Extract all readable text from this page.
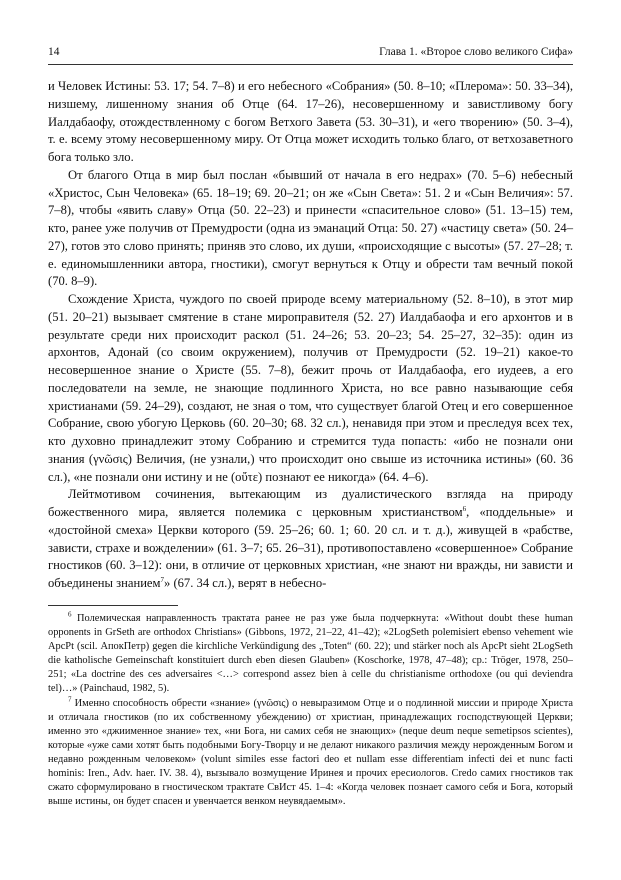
14	Глава 1. «Второе слово великого Сифа»

и Человек Истины: 53. 17; 54. 7–8) и его небесного «Собрания» (50. 8–10; «Плерома»: 50. 33–34), низшему, лишенному знания об Отце (64. 17–26), несовершенному и завистливому богу Иалдабаофу, отождествленному с богом Ветхого Завета (53. 30–31), и «его творению» (50. 3–4), т. е. всему этому несовершенному миру. От Отца может исходить только благо, от ветхозаветного бога только зло.

От благого Отца в мир был послан «бывший от начала в его недрах» (70. 5–6) небесный «Христос, Сын Человека» (65. 18–19; 69. 20–21; он же «Сын Света»: 51. 2 и «Сын Величия»: 57. 7–8), чтобы «явить славу» Отца (50. 22–23) и принести «спасительное слово» (51. 13–15) тем, кто, ранее уже получив от Премудрости (одна из эманаций Отца: 50. 27) «частицу света» (50. 24–27), готов это слово принять; приняв это слово, их души, «происходящие с высоты» (57. 27–28; т. е. единомышленники автора, гностики), смогут вернуться к Отцу и обрести там вечный покой (70. 8–9).

Схождение Христа, чуждого по своей природе всему материальному (52. 8–10), в этот мир (51. 20–21) вызывает смятение в стане мироправителя (52. 27) Иалдабаофа и его архонтов и в результате среди них происходит раскол (51. 24–26; 53. 20–23; 54. 25–27, 32–35): один из архонтов, Адонай (со своим окружением), получив от Премудрости (52. 19–21) какое-то несовершенное знание о Христе (55. 7–8), бежит прочь от Иалдабаофа, его иудеев, а его последователи на земле, не знающие подлинного Христа, но все равно называющие себя христианами (59. 24–29), создают, не зная о том, что существует благой Отец и его совершенное Собрание, свою убогую Церковь (60. 20–30; 68. 32 сл.), ненавидя при этом и преследуя всех тех, кто духовно принадлежит этому Собранию и стремится туда попасть: «ибо не познали они знания (γνῶσις) Величия, (не узнали,) что происходит оно свыше из источника истины» (60. 36 сл.), «не познали они истину и не (οὔτε) познают ее никогда» (64. 4–6).

Лейтмотивом сочинения, вытекающим из дуалистического взгляда на природу божественного мира, является полемика с церковным христианством$^6$, «поддельные» и «достойной смеха» Церкви которого (59. 25–26; 60. 1; 60. 20 сл. и т. д.), живущей в «рабстве, зависти, страхе и вожделении» (61. 3–7; 65. 26–31), противопоставлено «совершенное» Собрание гностиков (60. 3–12): они, в отличие от церковных христиан, «не знают ни вражды, ни зависти и объединены знанием$^7$» (67. 34 сл.), верят в небесно-

$^6$ Полемическая направленность трактата ранее не раз уже была подчеркнута: «Without doubt these human opponents in GrSeth are orthodox Christians» (Gibbons, 1972, 21–22, 41–42); «2LogSeth polemisiert ebenso vehement wie ApcPt (scil. АпокПетр) gegen die kirchliche Verkündigung des „Toten“ (60. 22); und stärker noch als ApcPt sieht 2LogSeth die katholische Gemeinschaft konstituiert durch eben diesen Glauben» (Koschorke, 1978, 47–48); ср.: Tröger, 1978, 250–251; «La doctrine des ces adversaires <…> correspond assez bien à celle du christianisme orthodoxe (ou qui deviendra tel)…» (Painchaud, 1982, 5).

$^7$ Именно способность обрести «знание» (γνῶσις) о невыразимом Отце и о подлинной миссии и природе Христа и отличала гностиков (по их собственному убеждению) от христиан, принадлежащих господствующей Церкви; именно это «джиименное знание» тех, «ни Бога, ни самих себя не знающих» (neque deum neque semetipsos scientes), которые «уже сами хотят быть подобными Богу-Творцу и не делают никакого различия между нерожденным Богом и недавно рожденным человеком» (volunt similes esse factori deo et nullam esse differentiam infecti dei et nunc facti hominis: Iren., Adv. haer. IV. 38. 4), вызывало возмущение Иринея и прочих ересиологов. Credo самих гностиков так сжато сформулировано в гностическом трактате СвИст 45. 1–4: «Когда человек познает самого себя и Бога, который выше истины, он будет спасен и увенчается венком неувядаемым».
